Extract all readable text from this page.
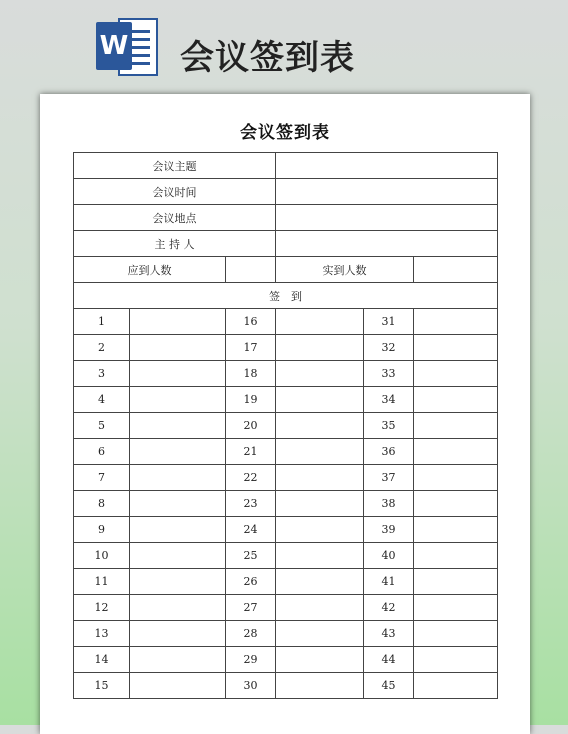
W 会议签到表
会议签到表
会议主题					
会议时间					
会议地点					
主 持 人					
应到人数			实到人数		
签　到					
1		16		31	
2		17		32	
3		18		33	
4		19		34	
5		20		35	
6		21		36	
7		22		37	
8		23		38	
9		24		39	
10		25		40	
11		26		41	
12		27		42	
13		28		43	
14		29		44	
15		30		45	
